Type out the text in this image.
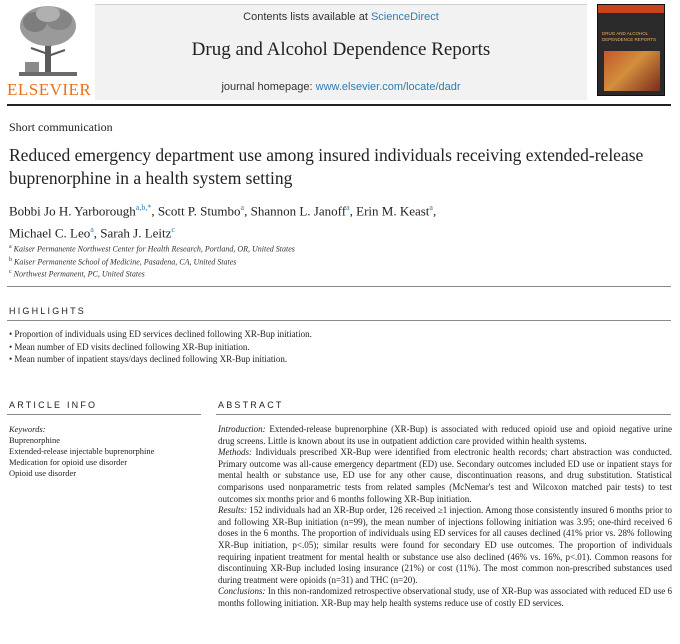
ELSEVIER
Contents lists available at ScienceDirect
Drug and Alcohol Dependence Reports
journal homepage: www.elsevier.com/locate/dadr
DRUG AND ALCOHOL DEPENDENCE REPORTS
Short communication
Reduced emergency department use among insured individuals receiving extended-release buprenorphine in a health system setting
Bobbi Jo H. Yarborough$^{a,b,*}$, Scott P. Stumbo$^a$, Shannon L. Janoff$^a$, Erin M. Keast$^a$,
Michael C. Leo$^a$, Sarah J. Leitz$^c$
$^a$ Kaiser Permanente Northwest Center for Health Research, Portland, OR, United States
$^b$ Kaiser Permanente School of Medicine, Pasadena, CA, United States
$^c$ Northwest Permanent, PC, United States
HIGHLIGHTS
• Proportion of individuals using ED services declined following XR-Bup initiation.
• Mean number of ED visits declined following XR-Bup initiation.
• Mean number of inpatient stays/days declined following XR-Bup initiation.
ARTICLE INFO
Keywords:
Buprenorphine
Extended-release injectable buprenorphine
Medication for opioid use disorder
Opioid use disorder
ABSTRACT

Introduction: Extended-release buprenorphine (XR-Bup) is associated with reduced opioid use and opioid negative urine drug screens. Little is known about its use in outpatient addiction care provided within health systems.

Methods: Individuals prescribed XR-Bup were identified from electronic health records; chart abstraction was conducted. Primary outcome was all-cause emergency department (ED) use. Secondary outcomes included ED use or inpatient stays for mental health or substance use, ED use for any other cause, discontinuation reasons, and drug substitution. Statistical comparisons used nonparametric tests from related samples (McNemar's test and Wilcoxon matched pair tests) to test outcomes six months prior and 6 months following XR-Bup initiation.

Results: 152 individuals had an XR-Bup order, 126 received ≥1 injection. Among those consistently insured 6 months prior to and following XR-Bup initiation (n=99), the mean number of injections following initiation was 3.95; one-third received 6 doses in the 6 months. The proportion of individuals using ED services for all causes declined (41% prior vs. 28% following XR-Bup initiation, p<.05); similar results were found for secondary ED use outcomes. The proportion of individuals requiring inpatient treatment for mental health or substance use also declined (46% vs. 16%, p<.01). Common reasons for discontinuing XR-Bup included losing insurance (21%) or cost (11%). The most common non-prescribed substances used during treatment were opioids (n=31) and THC (n=20).

Conclusions: In this non-randomized retrospective observational study, use of XR-Bup was associated with reduced ED use 6 months following initiation. XR-Bup may help health systems reduce use of costly ED services.
